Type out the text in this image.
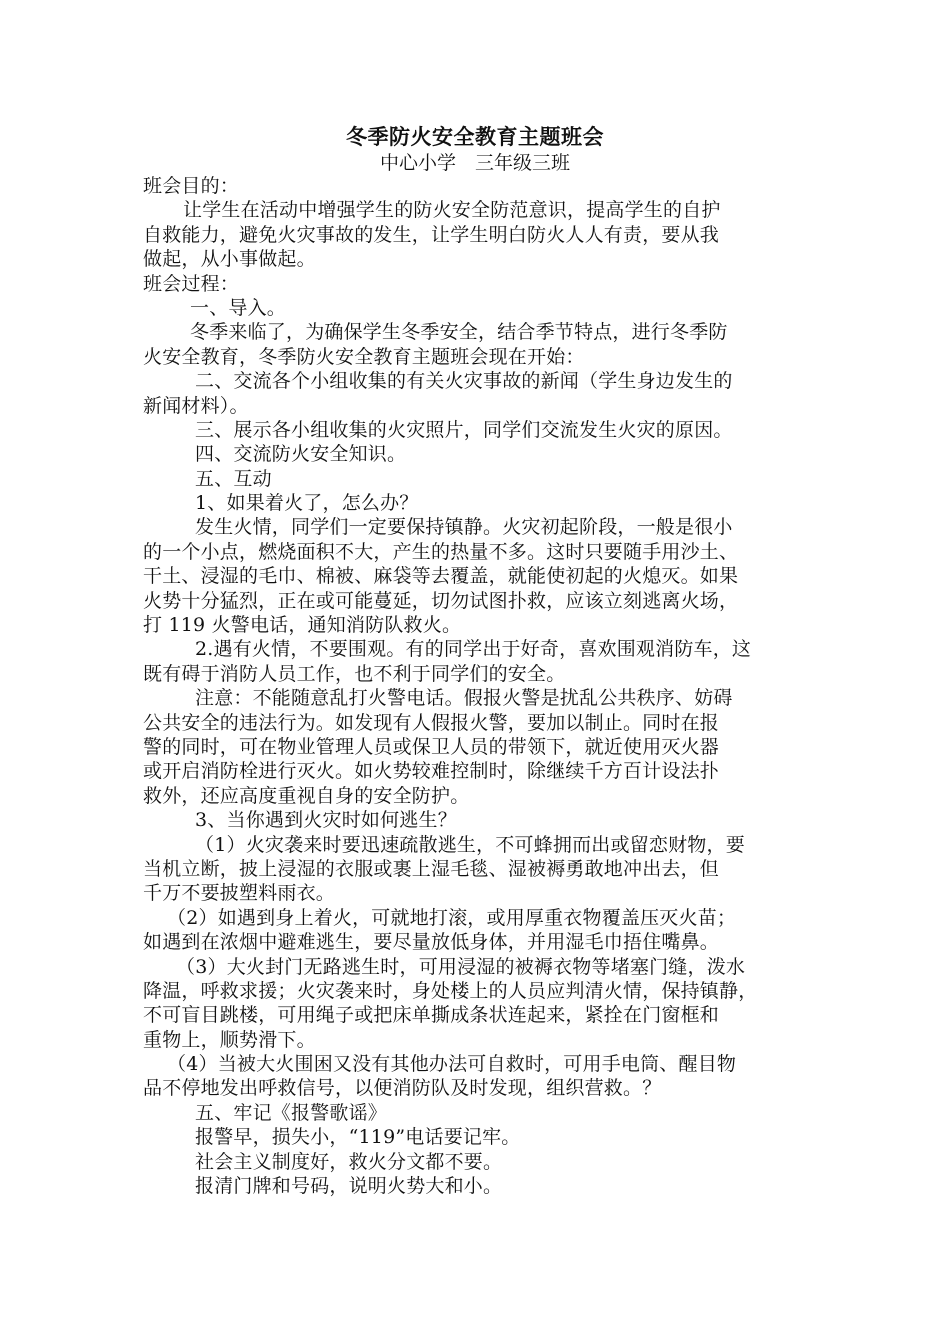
冬季防火安全教育主题班会
中心小学　三年级三班
班会目的：
让学生在活动中增强学生的防火安全防范意识，提高学生的自护
自救能力，避免火灾事故的发生，让学生明白防火人人有责，要从我
做起，从小事做起。
班会过程：
一、导入。
冬季来临了，为确保学生冬季安全，结合季节特点，进行冬季防
火安全教育，冬季防火安全教育主题班会现在开始：
二、交流各个小组收集的有关火灾事故的新闻（学生身边发生的
新闻材料）。
三、展示各小组收集的火灾照片，同学们交流发生火灾的原因。
四、交流防火安全知识。
五、互动
1、如果着火了，怎么办？
发生火情，同学们一定要保持镇静。火灾初起阶段，一般是很小
的一个小点，燃烧面积不大，产生的热量不多。这时只要随手用沙土、
干土、浸湿的毛巾、棉被、麻袋等去覆盖，就能使初起的火熄灭。如果
火势十分猛烈，正在或可能蔓延，切勿试图扑救，应该立刻逃离火场，
打 119 火警电话，通知消防队救火。
2.遇有火情，不要围观。有的同学出于好奇，喜欢围观消防车，这
既有碍于消防人员工作，也不利于同学们的安全。
注意：不能随意乱打火警电话。假报火警是扰乱公共秩序、妨碍
公共安全的违法行为。如发现有人假报火警，要加以制止。同时在报
警的同时，可在物业管理人员或保卫人员的带领下，就近使用灭火器
或开启消防栓进行灭火。如火势较难控制时，除继续千方百计设法扑
救外，还应高度重视自身的安全防护。
3、当你遇到火灾时如何逃生？
（1）火灾袭来时要迅速疏散逃生，不可蜂拥而出或留恋财物，要
当机立断，披上浸湿的衣服或裹上湿毛毯、湿被褥勇敢地冲出去，但
千万不要披塑料雨衣。
（2）如遇到身上着火，可就地打滚，或用厚重衣物覆盖压灭火苗；
如遇到在浓烟中避难逃生，要尽量放低身体，并用湿毛巾捂住嘴鼻。
（3）大火封门无路逃生时，可用浸湿的被褥衣物等堵塞门缝，泼水
降温，呼救求援；火灾袭来时，身处楼上的人员应判清火情，保持镇静，
不可盲目跳楼，可用绳子或把床单撕成条状连起来，紧拴在门窗框和
重物上，顺势滑下。
（4）当被大火围困又没有其他办法可自救时，可用手电筒、醒目物
品不停地发出呼救信号，以便消防队及时发现，组织营救。？
五、牢记《报警歌谣》
报警早，损失小，“119”电话要记牢。
社会主义制度好，救火分文都不要。
报清门牌和号码，说明火势大和小。
